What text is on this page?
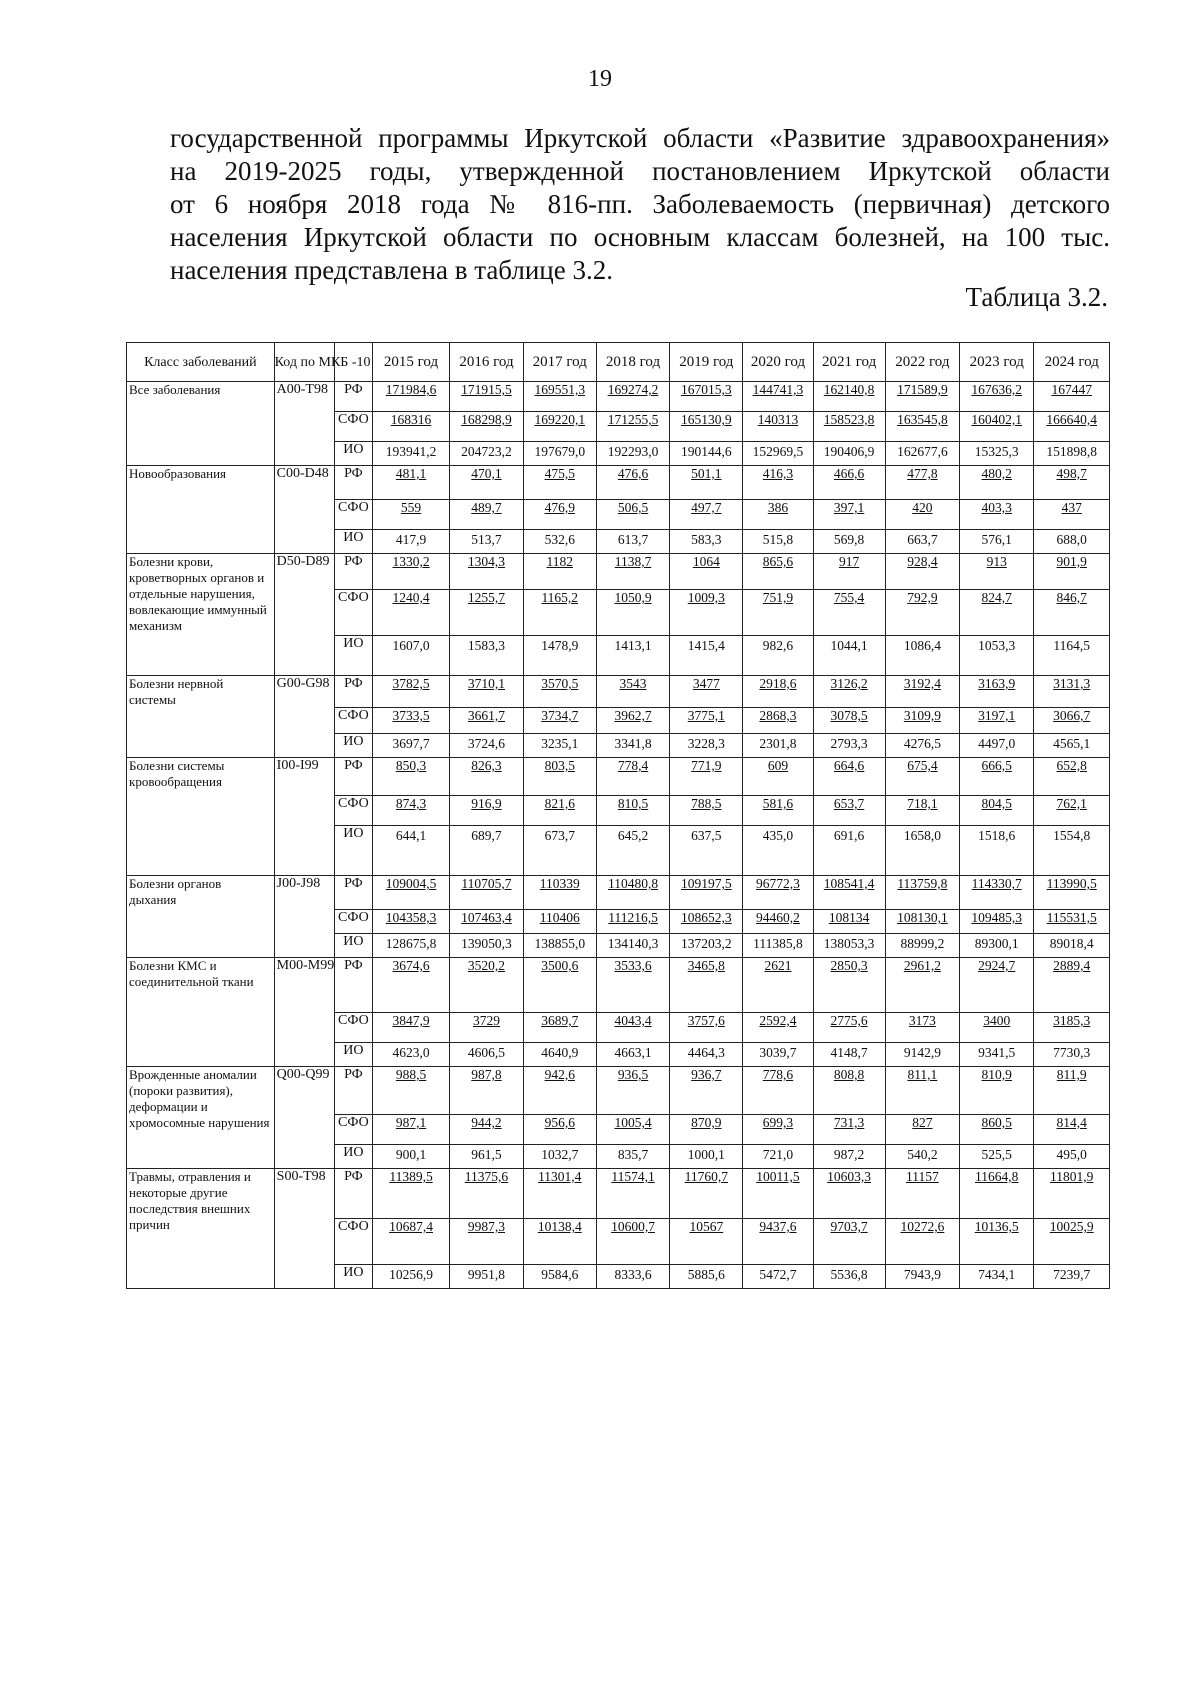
19
государственной программы Иркутской области «Развитие здравоохранения»
на 2019-2025 годы, утвержденной постановлением Иркутской области
от 6 ноября 2018 года № 816-пп. Заболеваемость (первичная) детского
населения Иркутской области по основным классам болезней, на 100 тыс.
населения представлена в таблице 3.2.
Таблица 3.2.
Класс заболеваний	Код по МКБ -10		2015 год	2016 год	2017 год	2018 год	2019 год	2020 год	2021 год	2022 год	2023 год	2024 год
Все заболевания	А00-Т98	РФ	171984,6	171915,5	169551,3	169274,2	167015,3	144741,3	162140,8	171589,9	167636,2	167447
		СФО	168316	168298,9	169220,1	171255,5	165130,9	140313	158523,8	163545,8	160402,1	166640,4
		ИО	193941,2	204723,2	197679,0	192293,0	190144,6	152969,5	190406,9	162677,6	15325,3	151898,8
Новообразования	С00-D48	РФ	481,1	470,1	475,5	476,6	501,1	416,3	466,6	477,8	480,2	498,7
		СФО	559	489,7	476,9	506,5	497,7	386	397,1	420	403,3	437
		ИО	417,9	513,7	532,6	613,7	583,3	515,8	569,8	663,7	576,1	688,0
Болезни крови, кроветворных органов и отдельные нарушения, вовлекающие иммунный механизм	D50-D89	РФ	1330,2	1304,3	1182	1138,7	1064	865,6	917	928,4	913	901,9
		СФО	1240,4	1255,7	1165,2	1050,9	1009,3	751,9	755,4	792,9	824,7	846,7
		ИО	1607,0	1583,3	1478,9	1413,1	1415,4	982,6	1044,1	1086,4	1053,3	1164,5
Болезни нервной системы	G00-G98	РФ	3782,5	3710,1	3570,5	3543	3477	2918,6	3126,2	3192,4	3163,9	3131,3
		СФО	3733,5	3661,7	3734,7	3962,7	3775,1	2868,3	3078,5	3109,9	3197,1	3066,7
		ИО	3697,7	3724,6	3235,1	3341,8	3228,3	2301,8	2793,3	4276,5	4497,0	4565,1
Болезни системы кровообращения	I00-I99	РФ	850,3	826,3	803,5	778,4	771,9	609	664,6	675,4	666,5	652,8
		СФО	874,3	916,9	821,6	810,5	788,5	581,6	653,7	718,1	804,5	762,1
		ИО	644,1	689,7	673,7	645,2	637,5	435,0	691,6	1658,0	1518,6	1554,8
Болезни органов дыхания	J00-J98	РФ	109004,5	110705,7	110339	110480,8	109197,5	96772,3	108541,4	113759,8	114330,7	113990,5
		СФО	104358,3	107463,4	110406	111216,5	108652,3	94460,2	108134	108130,1	109485,3	115531,5
		ИО	128675,8	139050,3	138855,0	134140,3	137203,2	111385,8	138053,3	88999,2	89300,1	89018,4
Болезни КМС и соединительной ткани	M00-M99	РФ	3674,6	3520,2	3500,6	3533,6	3465,8	2621	2850,3	2961,2	2924,7	2889,4
		СФО	3847,9	3729	3689,7	4043,4	3757,6	2592,4	2775,6	3173	3400	3185,3
		ИО	4623,0	4606,5	4640,9	4663,1	4464,3	3039,7	4148,7	9142,9	9341,5	7730,3
Врожденные аномалии (пороки развития), деформации и хромосомные нарушения	Q00-Q99	РФ	988,5	987,8	942,6	936,5	936,7	778,6	808,8	811,1	810,9	811,9
		СФО	987,1	944,2	956,6	1005,4	870,9	699,3	731,3	827	860,5	814,4
		ИО	900,1	961,5	1032,7	835,7	1000,1	721,0	987,2	540,2	525,5	495,0
Травмы, отравления и некоторые другие последствия внешних причин	S00-T98	РФ	11389,5	11375,6	11301,4	11574,1	11760,7	10011,5	10603,3	11157	11664,8	11801,9
		СФО	10687,4	9987,3	10138,4	10600,7	10567	9437,6	9703,7	10272,6	10136,5	10025,9
		ИО	10256,9	9951,8	9584,6	8333,6	5885,6	5472,7	5536,8	7943,9	7434,1	7239,7
